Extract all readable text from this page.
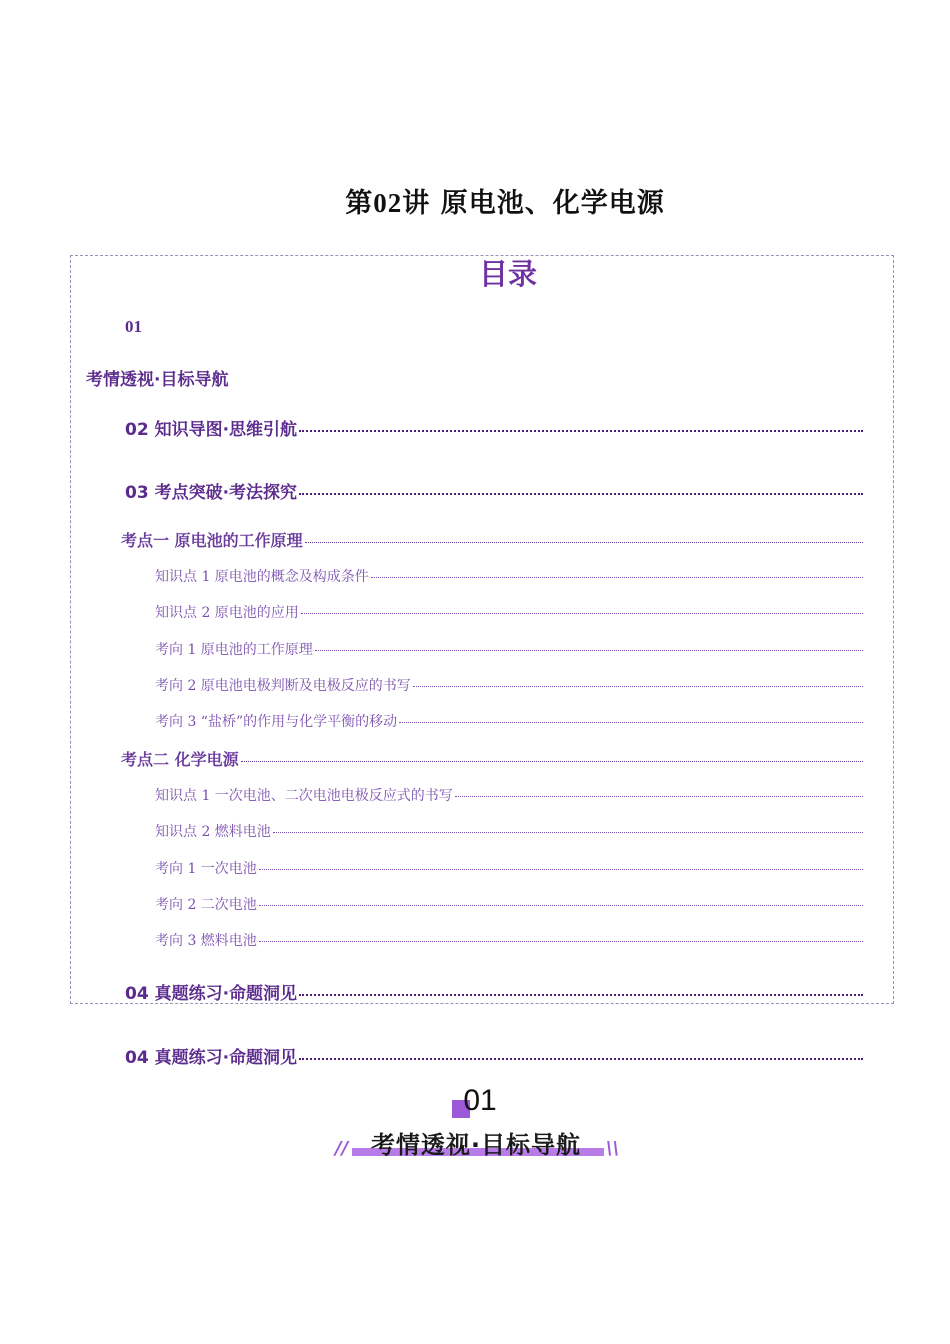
第02讲 原电池、化学电源
目录
01
考情透视·目标导航
02 知识导图·思维引航
03 考点突破·考法探究
考点一 原电池的工作原理
知识点 1 原电池的概念及构成条件
知识点 2 原电池的应用
考向 1 原电池的工作原理
考向 2 原电池电极判断及电极反应的书写
考向 3 “盐桥”的作用与化学平衡的移动
考点二 化学电源
知识点 1 一次电池、二次电池电极反应式的书写
知识点 2 燃料电池
考向 1 一次电池
考向 2 二次电池
考向 3 燃料电池
04 真题练习·命题洞见
04 真题练习·命题洞见
01
考情透视·目标导航
//	\\
